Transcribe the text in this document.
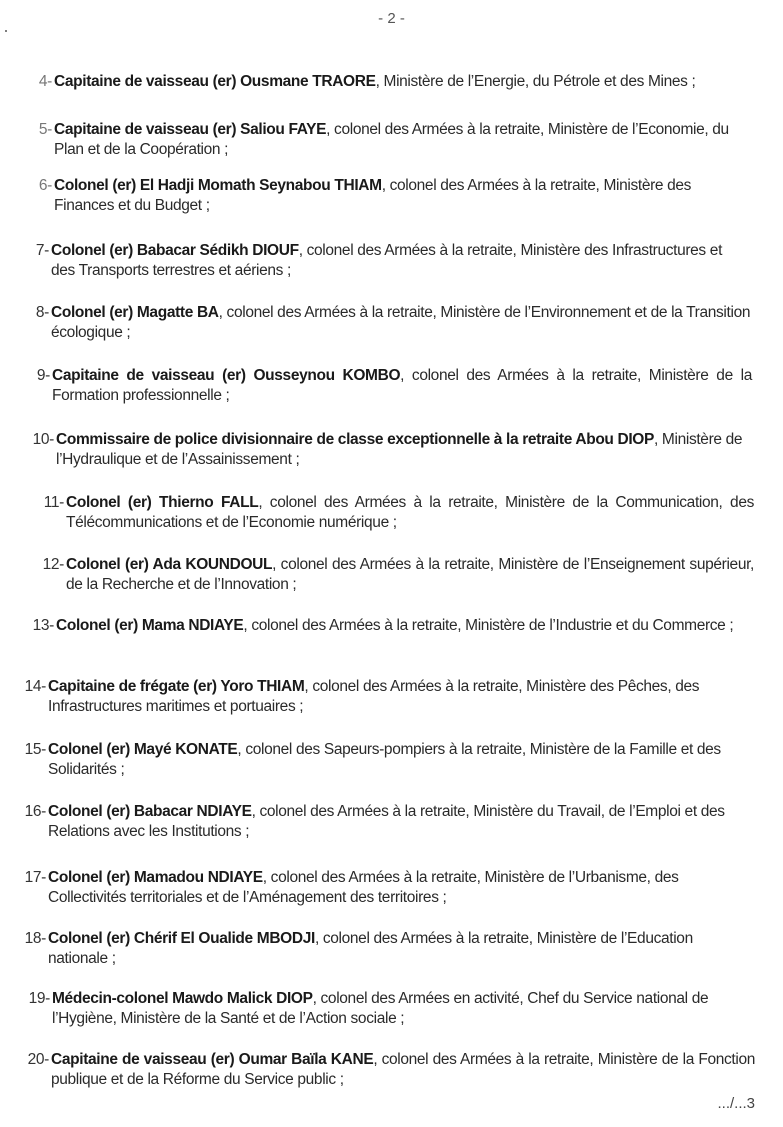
- 2 -
4- Capitaine de vaisseau (er) Ousmane TRAORE, Ministère de l’Energie, du Pétrole et des Mines ;
5- Capitaine de vaisseau (er) Saliou FAYE, colonel des Armées à la retraite, Ministère de l’Economie, du Plan et de la Coopération ;
6- Colonel (er) El Hadji Momath Seynabou THIAM, colonel des Armées à la retraite, Ministère des Finances et du Budget ;
7- Colonel (er) Babacar Sédikh DIOUF, colonel des Armées à la retraite, Ministère des Infrastructures et des Transports terrestres et aériens ;
8- Colonel (er) Magatte BA, colonel des Armées à la retraite, Ministère de l’Environnement et de la Transition écologique ;
9- Capitaine de vaisseau (er) Ousseynou KOMBO, colonel des Armées à la retraite, Ministère de la Formation professionnelle ;
10- Commissaire de police divisionnaire de classe exceptionnelle à la retraite Abou DIOP, Ministère de l’Hydraulique et de l’Assainissement ;
11- Colonel (er) Thierno FALL, colonel des Armées à la retraite, Ministère de la Communication, des Télécommunications et de l’Economie numérique ;
12- Colonel (er) Ada KOUNDOUL, colonel des Armées à la retraite, Ministère de l’Enseignement supérieur, de la Recherche et de l’Innovation ;
13- Colonel (er) Mama NDIAYE, colonel des Armées à la retraite, Ministère de l’Industrie et du Commerce ;
14- Capitaine de frégate (er) Yoro THIAM, colonel des Armées à la retraite, Ministère des Pêches, des Infrastructures maritimes et portuaires ;
15- Colonel (er) Mayé KONATE, colonel des Sapeurs-pompiers à la retraite, Ministère de la Famille et des Solidarités ;
16- Colonel (er) Babacar NDIAYE, colonel des Armées à la retraite, Ministère du Travail, de l’Emploi et des Relations avec les Institutions ;
17- Colonel (er) Mamadou NDIAYE, colonel des Armées à la retraite, Ministère de l’Urbanisme, des Collectivités territoriales et de l’Aménagement des territoires ;
18- Colonel (er) Chérif El Oualide MBODJI, colonel des Armées à la retraite, Ministère de l’Education nationale ;
19- Médecin-colonel Mawdo Malick DIOP, colonel des Armées en activité, Chef du Service national de l’Hygiène, Ministère de la Santé et de l’Action sociale ;
20- Capitaine de vaisseau (er) Oumar Baïla KANE, colonel des Armées à la retraite, Ministère de la Fonction publique et de la Réforme du Service public ;
.../...3
